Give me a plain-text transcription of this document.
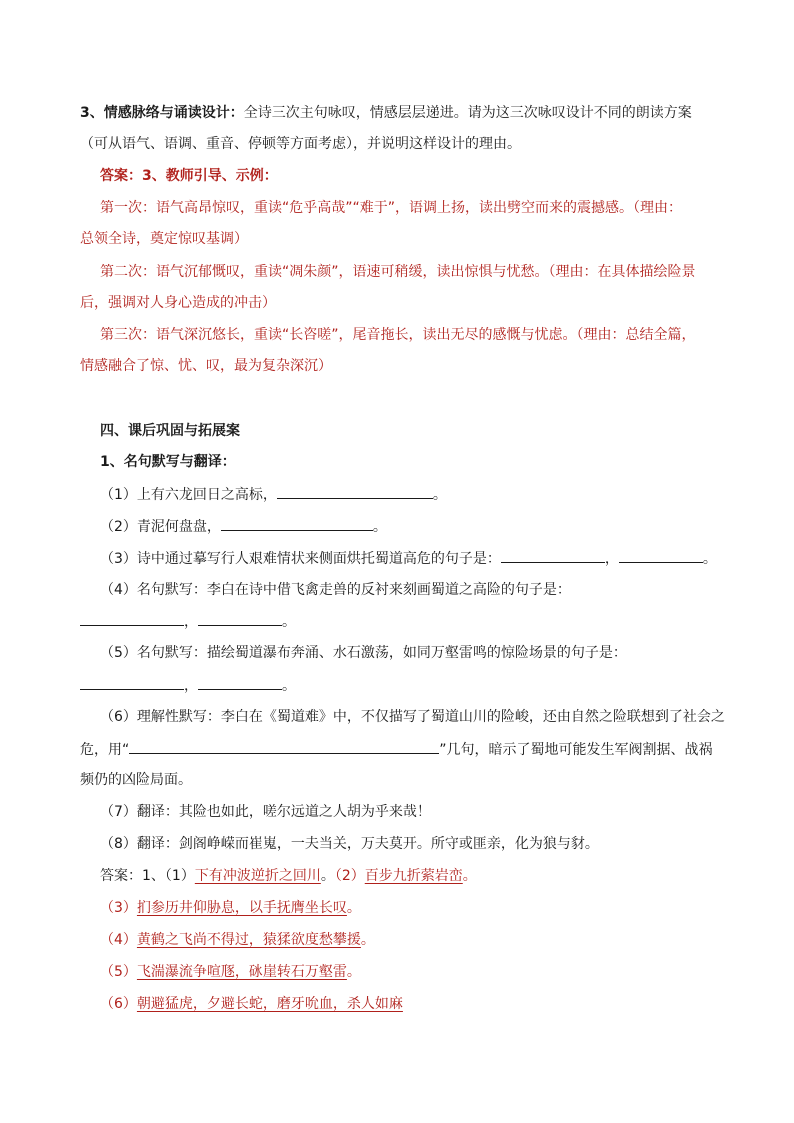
3、情感脉络与诵读设计：全诗三次主句咏叹，情感层层递进。请为这三次咏叹设计不同的朗读方案
（可从语气、语调、重音、停顿等方面考虑），并说明这样设计的理由。
答案：3、教师引导、示例：
第一次：语气高昂惊叹，重读“危乎高哉”“难于”，语调上扬，读出劈空而来的震撼感。（理由：
总领全诗，奠定惊叹基调）
第二次：语气沉郁慨叹，重读“凋朱颜”，语速可稍缓，读出惊惧与忧愁。（理由：在具体描绘险景
后，强调对人身心造成的冲击）
第三次：语气深沉悠长，重读“长咨嗟”，尾音拖长，读出无尽的感慨与忧虑。（理由：总结全篇，
情感融合了惊、忧、叹，最为复杂深沉）
四、课后巩固与拓展案
1、名句默写与翻译：
（1）上有六龙回日之高标，	。
（2）青泥何盘盘，	。
（3）诗中通过摹写行人艰难情状来侧面烘托蜀道高危的句子是：	，	。
（4）名句默写：李白在诗中借飞禽走兽的反衬来刻画蜀道之高险的句子是：
，	。
（5）名句默写：描绘蜀道瀑布奔涌、水石激荡，如同万壑雷鸣的惊险场景的句子是：
，	。
（6）理解性默写：李白在《蜀道难》中，不仅描写了蜀道山川的险峻，还由自然之险联想到了社会之
危，用“	”几句，暗示了蜀地可能发生军阀割据、战祸
频仍的凶险局面。
（7）翻译：其险也如此，嗟尔远道之人胡为乎来哉！
（8）翻译：剑阁峥嵘而崔嵬，一夫当关，万夫莫开。所守或匪亲，化为狼与豺。
答案：1、（1）下有冲波逆折之回川。（2）百步九折萦岩峦。
（3）扪参历井仰胁息，以手抚膺坐长叹。
（4）黄鹤之飞尚不得过，猿猱欲度愁攀援。
（5）飞湍瀑流争喧豗，砯崖转石万壑雷。
（6）朝避猛虎，夕避长蛇，磨牙吮血，杀人如麻
